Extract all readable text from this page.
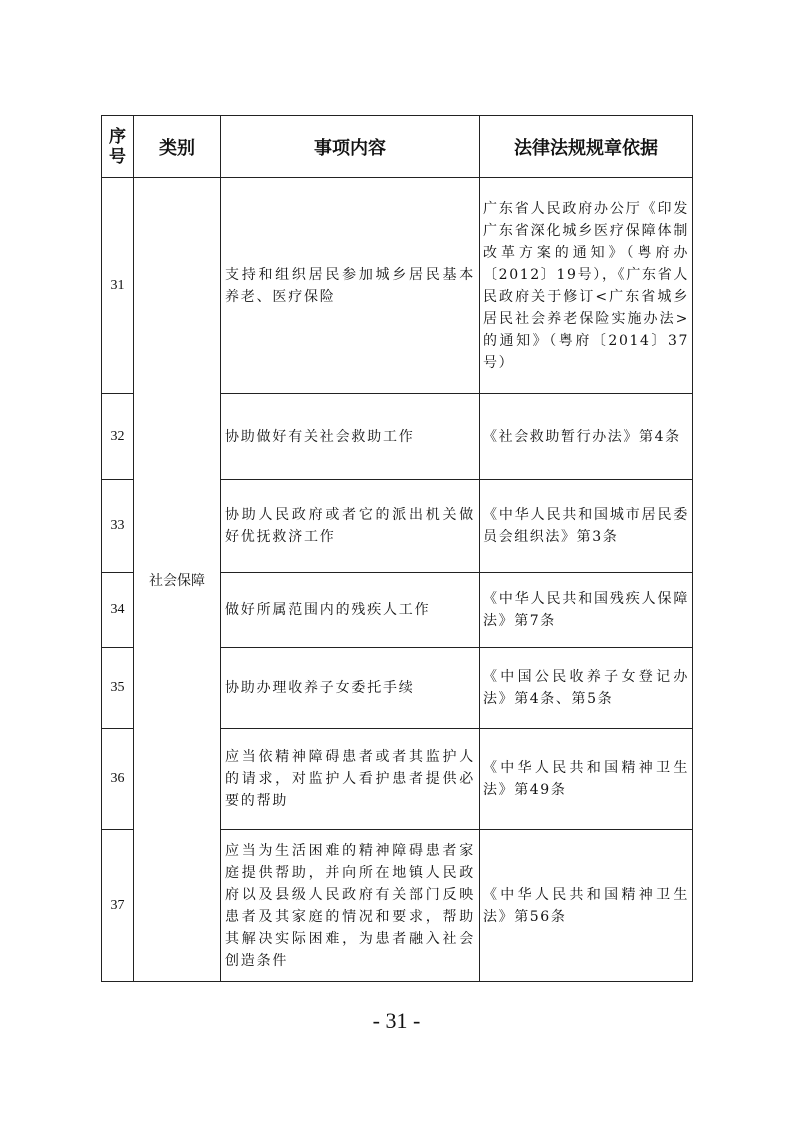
序号	类别	事项内容	法律法规规章依据
31	社会保障	支持和组织居民参加城乡居民基本养老、医疗保险	广东省人民政府办公厅《印发广东省深化城乡医疗保障体制改革方案的通知》（粤府办〔2012〕19号），《广东省人民政府关于修订<广东省城乡居民社会养老保险实施办法>的通知》（粤府〔2014〕37号）
32		协助做好有关社会救助工作	《社会救助暂行办法》第4条
33		协助人民政府或者它的派出机关做好优抚救济工作	《中华人民共和国城市居民委员会组织法》第3条
34		做好所属范围内的残疾人工作	《中华人民共和国残疾人保障法》第7条
35		协助办理收养子女委托手续	《中国公民收养子女登记办法》第4条、第5条
36		应当依精神障碍患者或者其监护人的请求，对监护人看护患者提供必要的帮助	《中华人民共和国精神卫生法》第49条
37		应当为生活困难的精神障碍患者家庭提供帮助，并向所在地镇人民政府以及县级人民政府有关部门反映患者及其家庭的情况和要求，帮助其解决实际困难，为患者融入社会创造条件	《中华人民共和国精神卫生法》第56条
- 31 -
